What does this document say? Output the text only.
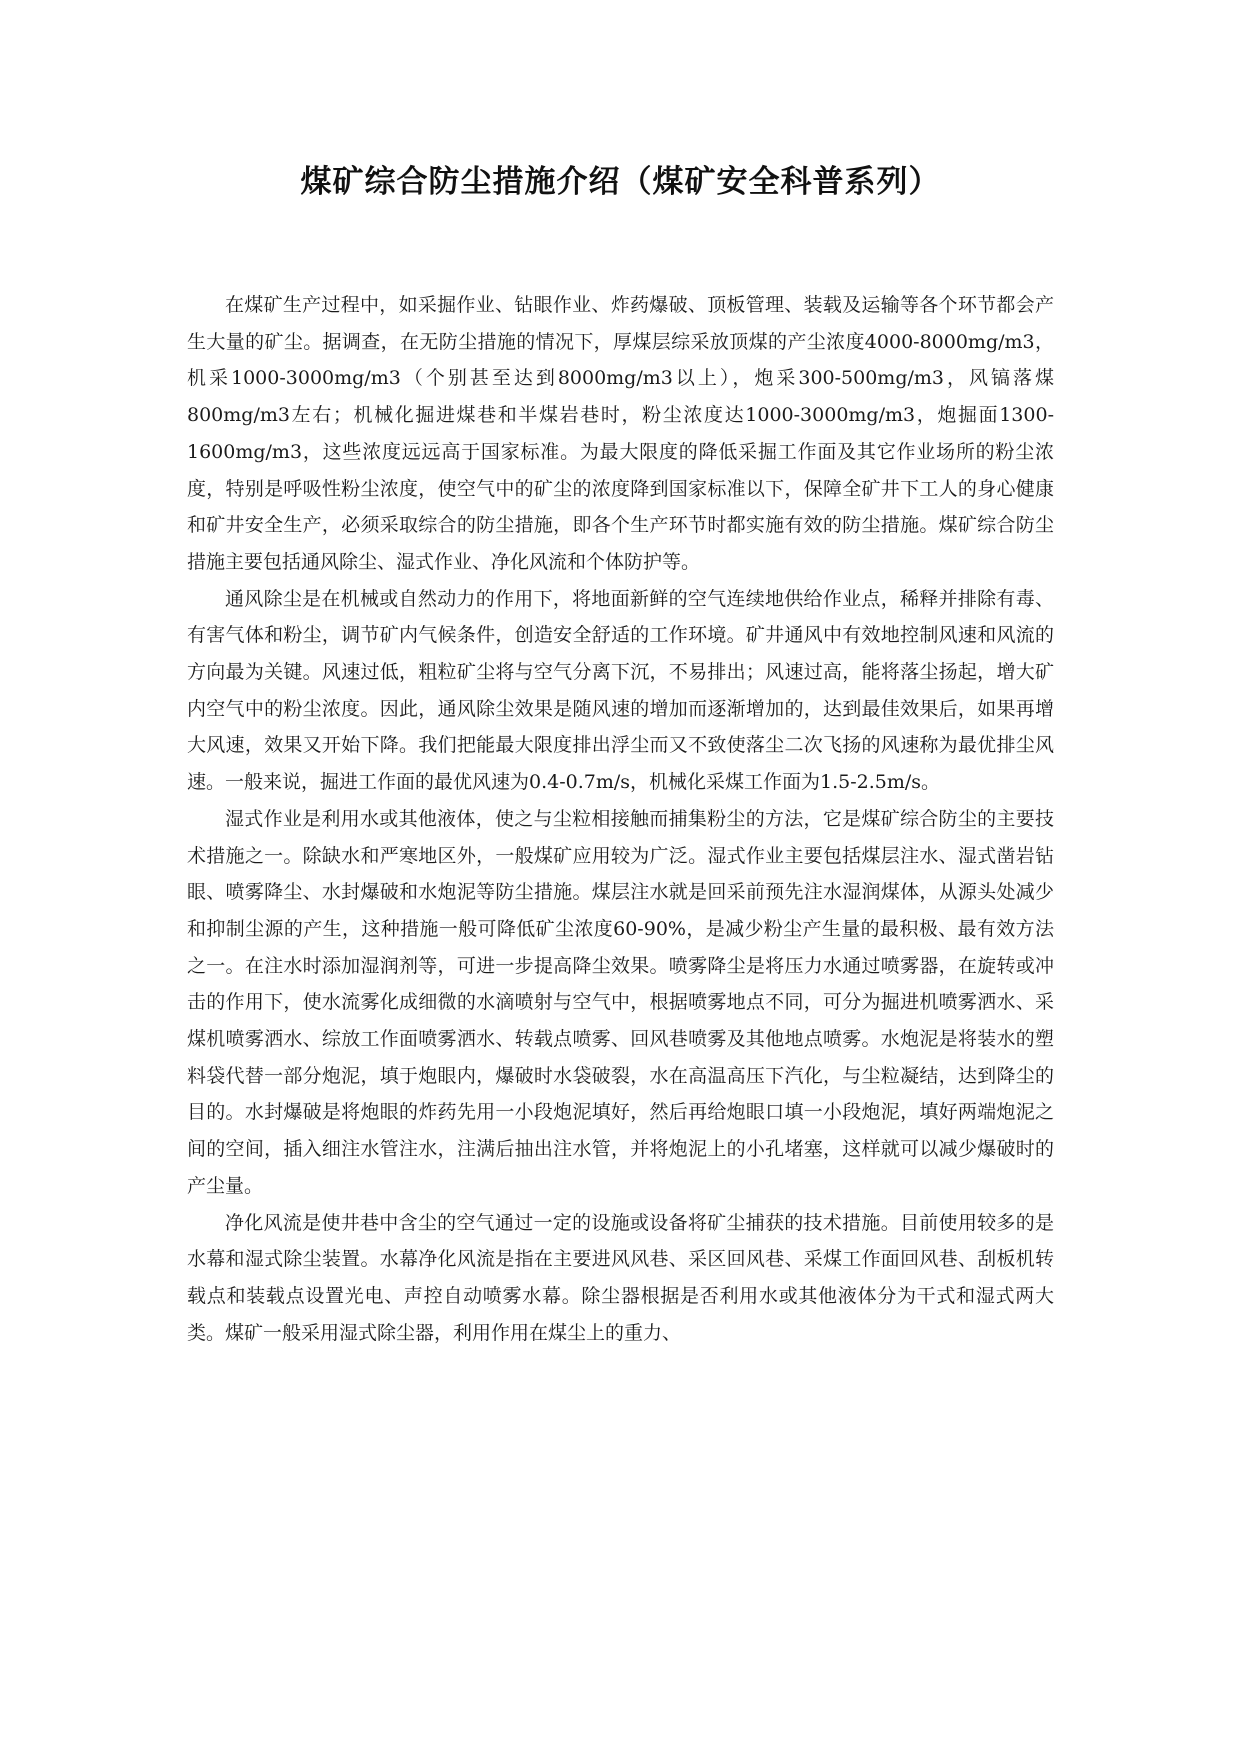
煤矿综合防尘措施介绍（煤矿安全科普系列）

在煤矿生产过程中，如采掘作业、钻眼作业、炸药爆破、顶板管理、装载及运输等各个环节都会产生大量的矿尘。据调查，在无防尘措施的情况下，厚煤层综采放顶煤的产尘浓度4000-8000mg/m3，机采1000-3000mg/m3（个别甚至达到8000mg/m3以上），炮采300-500mg/m3，风镐落煤800mg/m3左右；机械化掘进煤巷和半煤岩巷时，粉尘浓度达1000-3000mg/m3，炮掘面1300-1600mg/m3，这些浓度远远高于国家标准。为最大限度的降低采掘工作面及其它作业场所的粉尘浓度，特别是呼吸性粉尘浓度，使空气中的矿尘的浓度降到国家标准以下，保障全矿井下工人的身心健康和矿井安全生产，必须采取综合的防尘措施，即各个生产环节时都实施有效的防尘措施。煤矿综合防尘措施主要包括通风除尘、湿式作业、净化风流和个体防护等。

通风除尘是在机械或自然动力的作用下，将地面新鲜的空气连续地供给作业点，稀释并排除有毒、有害气体和粉尘，调节矿内气候条件，创造安全舒适的工作环境。矿井通风中有效地控制风速和风流的方向最为关键。风速过低，粗粒矿尘将与空气分离下沉，不易排出；风速过高，能将落尘扬起，增大矿内空气中的粉尘浓度。因此，通风除尘效果是随风速的增加而逐渐增加的，达到最佳效果后，如果再增大风速，效果又开始下降。我们把能最大限度排出浮尘而又不致使落尘二次飞扬的风速称为最优排尘风速。一般来说，掘进工作面的最优风速为0.4-0.7m/s，机械化采煤工作面为1.5-2.5m/s。

湿式作业是利用水或其他液体，使之与尘粒相接触而捕集粉尘的方法，它是煤矿综合防尘的主要技术措施之一。除缺水和严寒地区外，一般煤矿应用较为广泛。湿式作业主要包括煤层注水、湿式凿岩钻眼、喷雾降尘、水封爆破和水炮泥等防尘措施。煤层注水就是回采前预先注水湿润煤体，从源头处减少和抑制尘源的产生，这种措施一般可降低矿尘浓度60-90%，是减少粉尘产生量的最积极、最有效方法之一。在注水时添加湿润剂等，可进一步提高降尘效果。喷雾降尘是将压力水通过喷雾器，在旋转或冲击的作用下，使水流雾化成细微的水滴喷射与空气中，根据喷雾地点不同，可分为掘进机喷雾洒水、采煤机喷雾洒水、综放工作面喷雾洒水、转载点喷雾、回风巷喷雾及其他地点喷雾。水炮泥是将装水的塑料袋代替一部分炮泥，填于炮眼内，爆破时水袋破裂，水在高温高压下汽化，与尘粒凝结，达到降尘的目的。水封爆破是将炮眼的炸药先用一小段炮泥填好，然后再给炮眼口填一小段炮泥，填好两端炮泥之间的空间，插入细注水管注水，注满后抽出注水管，并将炮泥上的小孔堵塞，这样就可以减少爆破时的产尘量。

净化风流是使井巷中含尘的空气通过一定的设施或设备将矿尘捕获的技术措施。目前使用较多的是水幕和湿式除尘装置。水幕净化风流是指在主要进风风巷、采区回风巷、采煤工作面回风巷、刮板机转载点和装载点设置光电、声控自动喷雾水幕。除尘器根据是否利用水或其他液体分为干式和湿式两大类。煤矿一般采用湿式除尘器，利用作用在煤尘上的重力、
